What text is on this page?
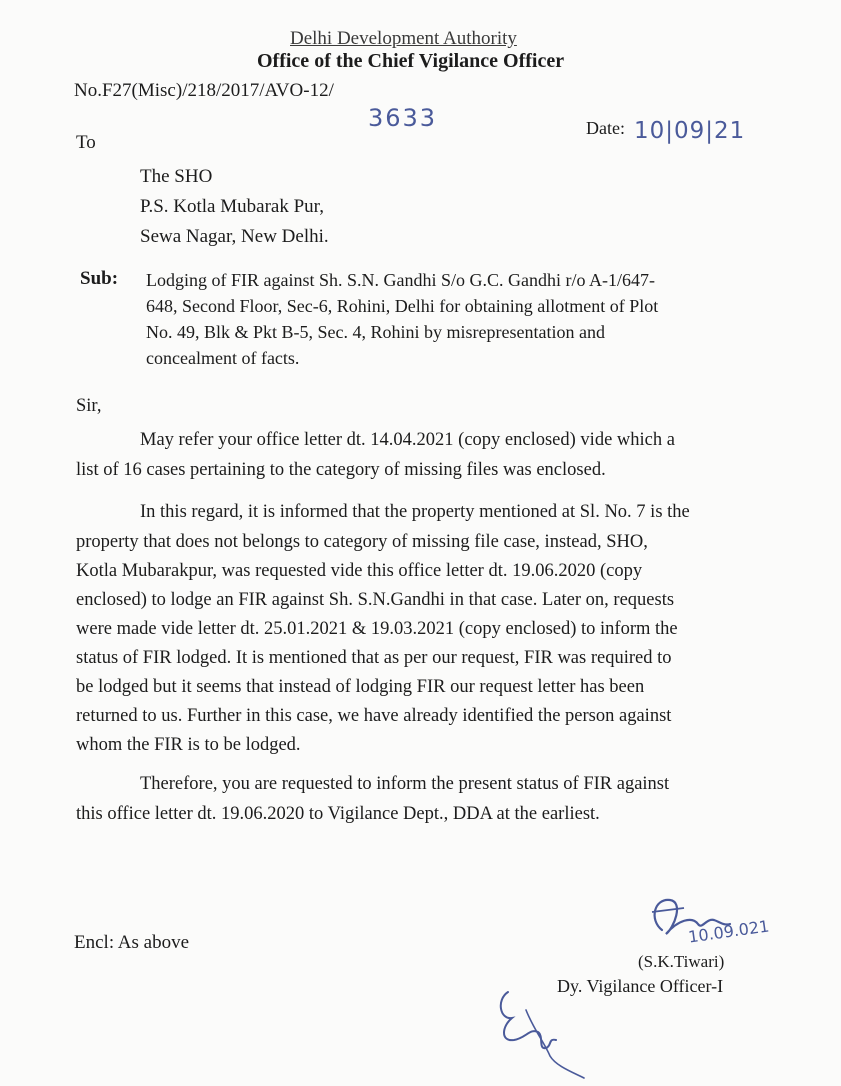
Delhi Development Authority
Office of the Chief Vigilance Officer
No.F27(Misc)/218/2017/AVO-12/
3633	Date: 10|09|21
To
The SHO
P.S. Kotla Mubarak Pur,
Sewa Nagar, New Delhi.
Sub: Lodging of FIR against Sh. S.N. Gandhi S/o G.C. Gandhi r/o A-1/647-
648, Second Floor, Sec-6, Rohini, Delhi for obtaining allotment of Plot
No. 49, Blk & Pkt B-5, Sec. 4, Rohini by misrepresentation and
concealment of facts.
Sir,
May refer your office letter dt. 14.04.2021 (copy enclosed) vide which a
list of 16 cases pertaining to the category of missing files was enclosed.
In this regard, it is informed that the property mentioned at Sl. No. 7 is the
property that does not belongs to category of missing file case, instead, SHO,
Kotla Mubarakpur, was requested vide this office letter dt. 19.06.2020 (copy
enclosed) to lodge an FIR against Sh. S.N.Gandhi in that case. Later on, requests
were made vide letter dt. 25.01.2021 & 19.03.2021 (copy enclosed) to inform the
status of FIR lodged. It is mentioned that as per our request, FIR was required to
be lodged but it seems that instead of lodging FIR our request letter has been
returned to us. Further in this case, we have already identified the person against
whom the FIR is to be lodged.
Therefore, you are requested to inform the present status of FIR against
this office letter dt. 19.06.2020 to Vigilance Dept., DDA at the earliest.
Encl: As above	10.09.021
(S.K.Tiwari)
Dy. Vigilance Officer-I
